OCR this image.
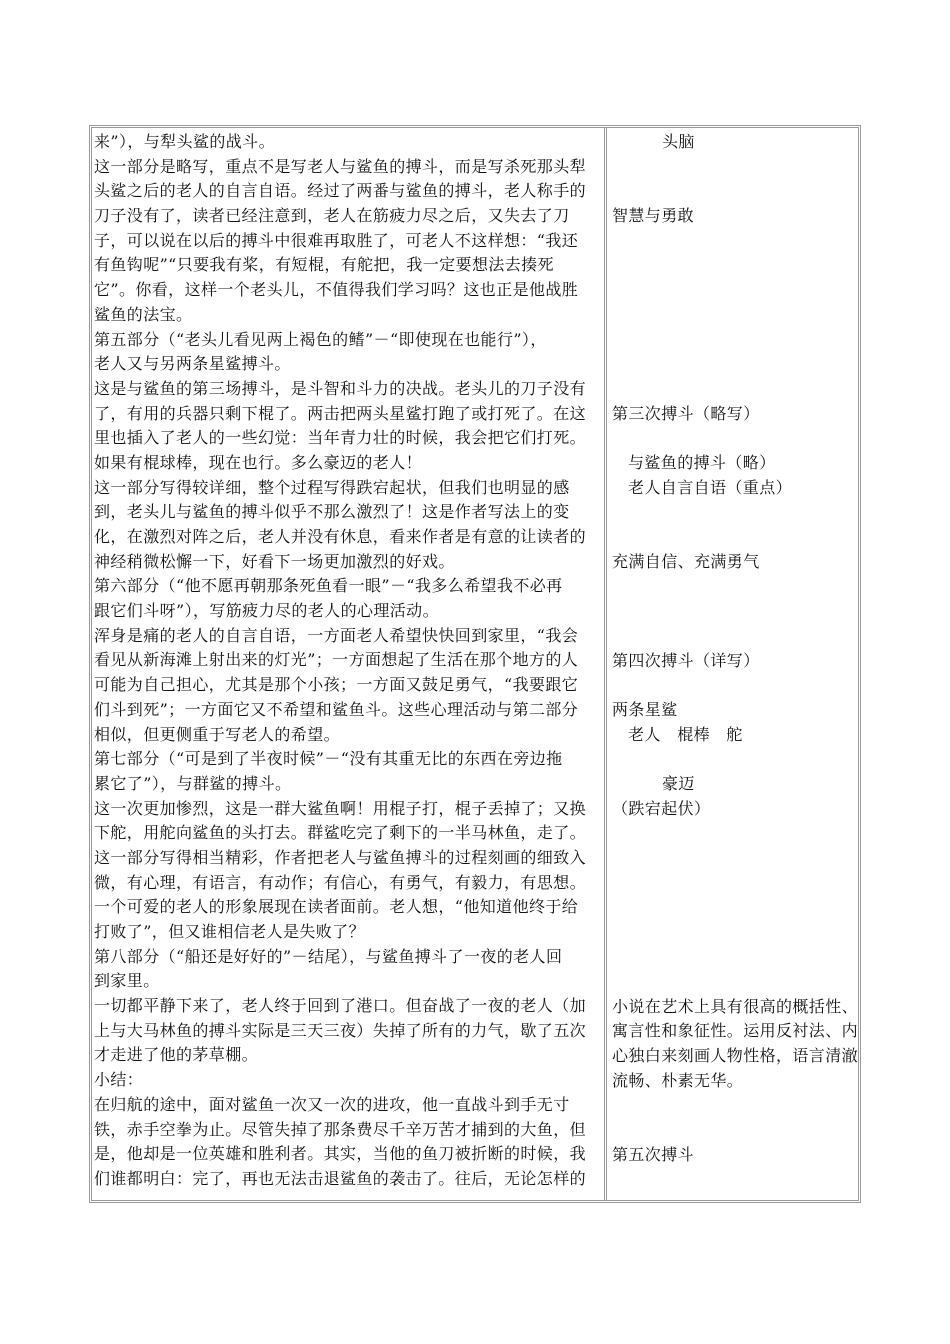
来”），与犁头鲨的战斗。
这一部分是略写，重点不是写老人与鲨鱼的搏斗，而是写杀死那头犁
头鲨之后的老人的自言自语。经过了两番与鲨鱼的搏斗，老人称手的
刀子没有了，读者已经注意到，老人在筋疲力尽之后，又失去了刀
子，可以说在以后的搏斗中很难再取胜了，可老人不这样想：“我还
有鱼钩呢”“只要我有桨，有短棍，有舵把，我一定要想法去揍死
它”。你看，这样一个老头儿，不值得我们学习吗？这也正是他战胜
鲨鱼的法宝。
第五部分（“老头儿看见两上褐色的鳍”－“即使现在也能行”），
老人又与另两条星鲨搏斗。
这是与鲨鱼的第三场搏斗，是斗智和斗力的决战。老头儿的刀子没有
了，有用的兵器只剩下棍了。两击把两头星鲨打跑了或打死了。在这
里也插入了老人的一些幻觉：当年青力壮的时候，我会把它们打死。
如果有棍球棒，现在也行。多么豪迈的老人！
这一部分写得较详细，整个过程写得跌宕起状，但我们也明显的感
到，老头儿与鲨鱼的搏斗似乎不那么激烈了！这是作者写法上的变
化，在激烈对阵之后，老人并没有休息，看来作者是有意的让读者的
神经稍微松懈一下，好看下一场更加激烈的好戏。
第六部分（“他不愿再朝那条死鱼看一眼”－“我多么希望我不必再
跟它们斗呀”），写筋疲力尽的老人的心理活动。
浑身是痛的老人的自言自语，一方面老人希望快快回到家里，“我会
看见从新海滩上射出来的灯光”；一方面想起了生活在那个地方的人
可能为自己担心，尤其是那个小孩；一方面又鼓足勇气，“我要跟它
们斗到死”；一方面它又不希望和鲨鱼斗。这些心理活动与第二部分
相似，但更侧重于写老人的希望。
第七部分（“可是到了半夜时候”－“没有其重无比的东西在旁边拖
累它了”），与群鲨的搏斗。
这一次更加惨烈，这是一群大鲨鱼啊！用棍子打，棍子丢掉了；又换
下舵，用舵向鲨鱼的头打去。群鲨吃完了剩下的一半马林鱼，走了。
这一部分写得相当精彩，作者把老人与鲨鱼搏斗的过程刻画的细致入
微，有心理，有语言，有动作；有信心，有勇气，有毅力，有思想。
一个可爱的老人的形象展现在读者面前。老人想，“他知道他终于给
打败了”，但又谁相信老人是失败了？
第八部分（“船还是好好的”－结尾），与鲨鱼搏斗了一夜的老人回
到家里。
一切都平静下来了，老人终于回到了港口。但奋战了一夜的老人（加
上与大马林鱼的搏斗实际是三天三夜）失掉了所有的力气，歇了五次
才走进了他的茅草棚。
小结：
在归航的途中，面对鲨鱼一次又一次的进攻，他一直战斗到手无寸
铁，赤手空拳为止。尽管失掉了那条费尽千辛万苦才捕到的大鱼，但
是，他却是一位英雄和胜利者。其实，当他的鱼刀被折断的时候，我
们谁都明白：完了，再也无法击退鲨鱼的袭击了。往后，无论怎样的
头脑
智慧与勇敢
第三次搏斗（略写）
与鲨鱼的搏斗（略）
老人自言自语（重点）
充满自信、充满勇气
第四次搏斗（详写）
两条星鲨
老人　棍棒　舵
豪迈
（跌宕起伏）
小说在艺术上具有很高的概括性、
寓言性和象征性。运用反衬法、内
心独白来刻画人物性格，语言清澈
流畅、朴素无华。
第五次搏斗
